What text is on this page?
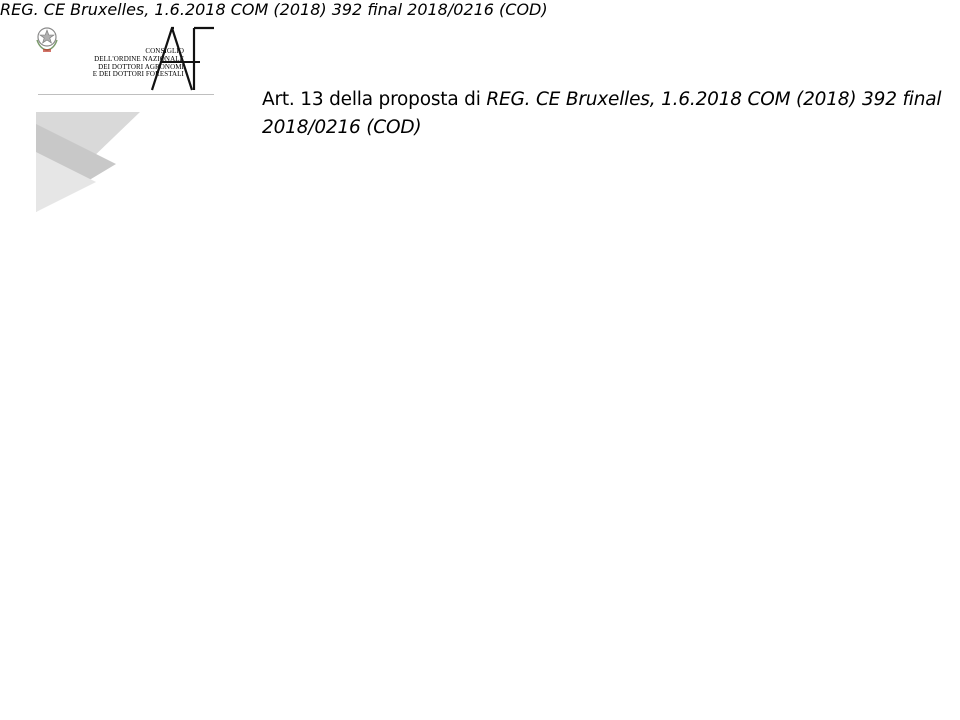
CONSIGLIO
DELL'ORDINE NAZIONALE
DEI DOTTORI AGRONOMI
E DEI DOTTORI FORESTALI
Art. 13 della proposta di REG. CE Bruxelles, 1.6.2018 COM (2018) 392 final 2018/0216 (COD)
REG. CE Bruxelles, 1.6.2018 COM (2018) 392 final 2018/0216 (COD)
